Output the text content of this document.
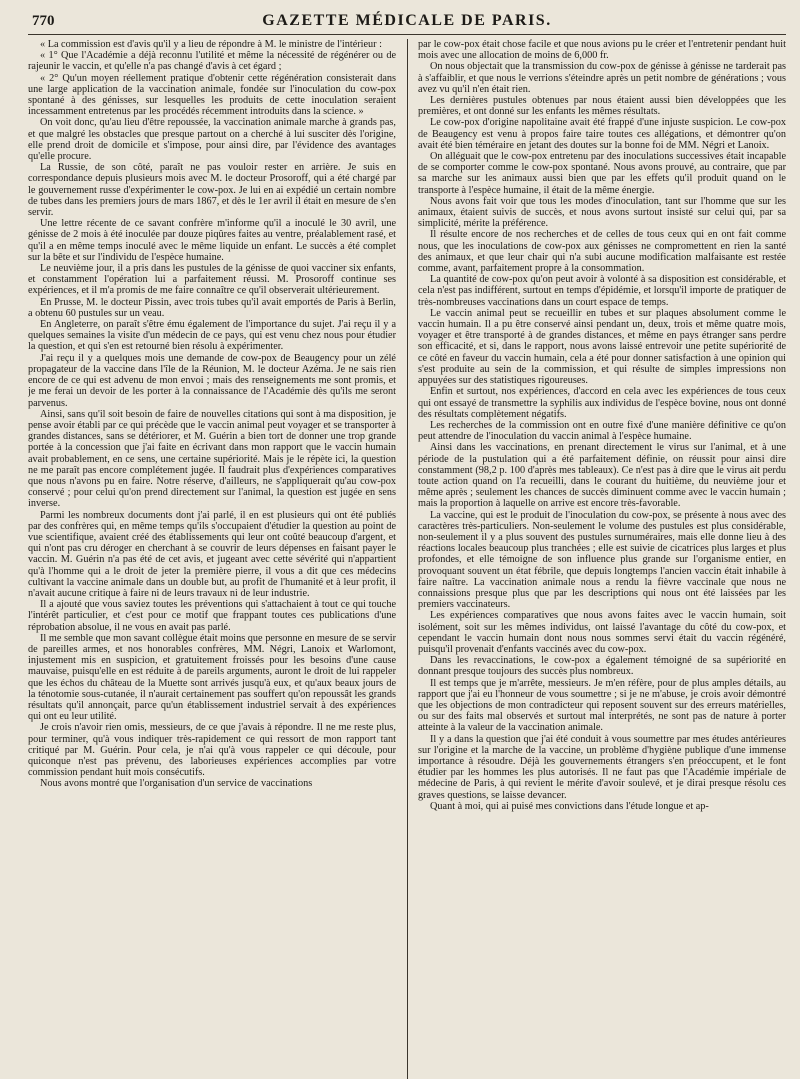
770	GAZETTE MÉDICALE DE PARIS.

« La commission est d'avis qu'il y a lieu de répondre à M. le ministre de l'intérieur :

« 1° Que l'Académie a déjà reconnu l'utilité et même la nécessité de régénérer ou de rajeunir le vaccin, et qu'elle n'a pas changé d'avis à cet égard ;

« 2° Qu'un moyen réellement pratique d'obtenir cette régénération consisterait dans une large application de la vaccination animale, fondée sur l'inoculation du cow-pox spontané à des génisses, sur lesquelles les produits de cette inoculation seraient incessamment entretenus par les procédés récemment introduits dans la science. »

On voit donc, qu'au lieu d'être repoussée, la vaccination animale marche à grands pas, et que malgré les obstacles que presque partout on a cherché à lui susciter dès l'origine, elle prend droit de domicile et s'impose, pour ainsi dire, par l'évidence des avantages qu'elle procure.

La Russie, de son côté, paraît ne pas vouloir rester en arrière. Je suis en correspondance depuis plusieurs mois avec M. le docteur Prosoroff, qui a été chargé par le gouvernement russe d'expérimenter le cow-pox. Je lui en ai expédié un certain nombre de tubes dans les premiers jours de mars 1867, et dès le 1er avril il était en mesure de s'en servir.

Une lettre récente de ce savant confrère m'informe qu'il a inoculé le 30 avril, une génisse de 2 mois à été inoculée par douze piqûres faites au ventre, préalablement rasé, et qu'il a en même temps inoculé avec le même liquide un enfant. Le succès a été complet sur la bête et sur l'individu de l'espèce humaine.

Le neuvième jour, il a pris dans les pustules de la génisse de quoi vacciner six enfants, et constamment l'opération lui a parfaitement réussi. M. Prosoroff continue ses expériences, et il m'a promis de me faire connaître ce qu'il observerait ultérieurement.

En Prusse, M. le docteur Pissin, avec trois tubes qu'il avait emportés de Paris à Berlin, a obtenu 60 pustules sur un veau.

En Angleterre, on paraît s'être ému également de l'importance du sujet. J'ai reçu il y a quelques semaines la visite d'un médecin de ce pays, qui est venu chez nous pour étudier la question, et qui s'en est retourné bien résolu à expérimenter.

J'ai reçu il y a quelques mois une demande de cow-pox de Beaugency pour un zélé propagateur de la vaccine dans l'île de la Réunion, M. le docteur Azéma. Je ne sais rien encore de ce qui est advenu de mon envoi ; mais des renseignements me sont promis, et je me ferai un devoir de les porter à la connaissance de l'Académie dès qu'ils me seront parvenus.

Ainsi, sans qu'il soit besoin de faire de nouvelles citations qui sont à ma disposition, je pense avoir établi par ce qui précède que le vaccin animal peut voyager et se transporter à grandes distances, sans se détériorer, et M. Guérin a bien tort de donner une trop grande portée à la concession que j'ai faite en écrivant dans mon rapport que le vaccin humain avait probablement, en ce sens, une certaine supériorité. Mais je le répète ici, la question ne me paraît pas encore complétement jugée. Il faudrait plus d'expériences comparatives que nous n'avons pu en faire. Notre réserve, d'ailleurs, ne s'appliquerait qu'au cow-pox conservé ; pour celui qu'on prend directement sur l'animal, la question est jugée en sens inverse.

Parmi les nombreux documents dont j'ai parlé, il en est plusieurs qui ont été publiés par des confrères qui, en même temps qu'ils s'occupaient d'étudier la question au point de vue scientifique, avaient créé des établissements qui leur ont coûté beaucoup d'argent, et qui n'ont pas cru déroger en cherchant à se couvrir de leurs dépenses en faisant payer le vaccin. M. Guérin n'a pas été de cet avis, et jugeant avec cette sévérité qui n'appartient qu'à l'homme qui a le droit de jeter la première pierre, il vous a dit que ces médecins cultivant la vaccine animale dans un double but, au profit de l'humanité et à leur profit, il n'avait aucune critique à faire ni de leurs travaux ni de leur industrie.

Il a ajouté que vous saviez toutes les préventions qui s'attachaient à tout ce qui touche l'intérêt particulier, et c'est pour ce motif que frappant toutes ces publications d'une réprobation absolue, il ne vous en avait pas parlé.

Il me semble que mon savant collègue était moins que personne en mesure de se servir de pareilles armes, et nos honorables confrères, MM. Négri, Lanoix et Warlomont, injustement mis en suspicion, et gratuitement froissés pour les besoins d'une cause mauvaise, puisqu'elle en est réduite à de pareils arguments, auront le droit de lui rappeler que les échos du château de la Muette sont arrivés jusqu'à eux, et qu'aux beaux jours de la ténotomie sous-cutanée, il n'aurait certainement pas souffert qu'on repoussât les grands résultats qu'il annonçait, parce qu'un établissement industriel servait à des expériences qui ont eu leur utilité.

Je crois n'avoir rien omis, messieurs, de ce que j'avais à répondre. Il ne me reste plus, pour terminer, qu'à vous indiquer très-rapidement ce qui ressort de mon rapport tant critiqué par M. Guérin. Pour cela, je n'ai qu'à vous rappeler ce qui découle, pour quiconque n'est pas prévenu, des laborieuses expériences accomplies par votre commission pendant huit mois consécutifs.

Nous avons montré que l'organisation d'un service de vaccinations

par le cow-pox était chose facile et que nous avions pu le créer et l'entretenir pendant huit mois avec une allocation de moins de 6,000 fr.

On nous objectait que la transmission du cow-pox de génisse à génisse ne tarderait pas à s'affaiblir, et que nous le verrions s'éteindre après un petit nombre de générations ; vous avez vu qu'il n'en était rien.

Les dernières pustules obtenues par nous étaient aussi bien développées que les premières, et ont donné sur les enfants les mêmes résultats.

Le cow-pox d'origine napolitaine avait été frappé d'une injuste suspicion. Le cow-pox de Beaugency est venu à propos faire taire toutes ces allégations, et démontrer qu'on avait été bien téméraire en jetant des doutes sur la bonne foi de MM. Négri et Lanoix.

On alléguait que le cow-pox entretenu par des inoculations successives était incapable de se comporter comme le cow-pox spontané. Nous avons prouvé, au contraire, que par sa marche sur les animaux aussi bien que par les effets qu'il produit quand on le transporte à l'espèce humaine, il était de la même énergie.

Nous avons fait voir que tous les modes d'inoculation, tant sur l'homme que sur les animaux, étaient suivis de succès, et nous avons surtout insisté sur celui qui, par sa simplicité, mérite la préférence.

Il résulte encore de nos recherches et de celles de tous ceux qui en ont fait comme nous, que les inoculations de cow-pox aux génisses ne compromettent en rien la santé des animaux, et que leur chair qui n'a subi aucune modification malfaisante est restée comme, avant, parfaitement propre à la consommation.

La quantité de cow-pox qu'on peut avoir à volonté à sa disposition est considérable, et cela n'est pas indifférent, surtout en temps d'épidémie, et lorsqu'il importe de pratiquer de très-nombreuses vaccinations dans un court espace de temps.

Le vaccin animal peut se recueillir en tubes et sur plaques absolument comme le vaccin humain. Il a pu être conservé ainsi pendant un, deux, trois et même quatre mois, voyager et être transporté à de grandes distances, et même en pays étranger sans perdre son efficacité, et si, dans le rapport, nous avons laissé entrevoir une petite supériorité de ce côté en faveur du vaccin humain, cela a été pour donner satisfaction à une opinion qui s'est produite au sein de la commission, et qui résulte de simples impressions non appuyées sur des statistiques rigoureuses.

Enfin et surtout, nos expériences, d'accord en cela avec les expériences de tous ceux qui ont essayé de transmettre la syphilis aux individus de l'espèce bovine, nous ont donné des résultats complètement négatifs.

Les recherches de la commission ont en outre fixé d'une manière définitive ce qu'on peut attendre de l'inoculation du vaccin animal à l'espèce humaine.

Ainsi dans les vaccinations, en prenant directement le virus sur l'animal, et à une période de la pustulation qui a été parfaitement définie, on réussit pour ainsi dire constamment (98,2 p. 100 d'après mes tableaux). Ce n'est pas à dire que le virus ait perdu toute action quand on l'a recueilli, dans le courant du huitième, du neuvième jour et même après ; seulement les chances de succès diminuent comme avec le vaccin humain ; mais la proportion à laquelle on arrive est encore très-favorable.

La vaccine, qui est le produit de l'inoculation du cow-pox, se présente à nous avec des caractères très-particuliers. Non-seulement le volume des pustules est plus considérable, non-seulement il y a plus souvent des pustules surnuméraires, mais elle donne lieu à des réactions locales beaucoup plus tranchées ; elle est suivie de cicatrices plus larges et plus profondes, et elle témoigne de son influence plus grande sur l'organisme entier, en provoquant souvent un état fébrile, que depuis longtemps l'ancien vaccin était inhabile à faire naître. La vaccination animale nous a rendu la fièvre vaccinale que nous ne connaissions presque plus que par les descriptions qui nous ont été laissées par les premiers vaccinateurs.

Les expériences comparatives que nous avons faites avec le vaccin humain, soit isolément, soit sur les mêmes individus, ont laissé l'avantage du côté du cow-pox, et cependant le vaccin humain dont nous nous sommes servi était du vaccin régénéré, puisqu'il provenait d'enfants vaccinés avec du cow-pox.

Dans les revaccinations, le cow-pox a également témoigné de sa supériorité en donnant presque toujours des succès plus nombreux.

Il est temps que je m'arrête, messieurs. Je m'en réfère, pour de plus amples détails, au rapport que j'ai eu l'honneur de vous soumettre ; si je ne m'abuse, je crois avoir démontré que les objections de mon contradicteur qui reposent souvent sur des erreurs matérielles, ou sur des faits mal observés et surtout mal interprétés, ne sont pas de nature à porter atteinte à la valeur de la vaccination animale.

Il y a dans la question que j'ai été conduit à vous soumettre par mes études antérieures sur l'origine et la marche de la vaccine, un problème d'hygiène publique d'une immense importance à résoudre. Déjà les gouvernements étrangers s'en préoccupent, et le font étudier par les hommes les plus autorisés. Il ne faut pas que l'Académie impériale de médecine de Paris, à qui revient le mérite d'avoir soulevé, et je dirai presque résolu ces graves questions, se laisse devancer.

Quant à moi, qui ai puisé mes convictions dans l'étude longue et ap-
